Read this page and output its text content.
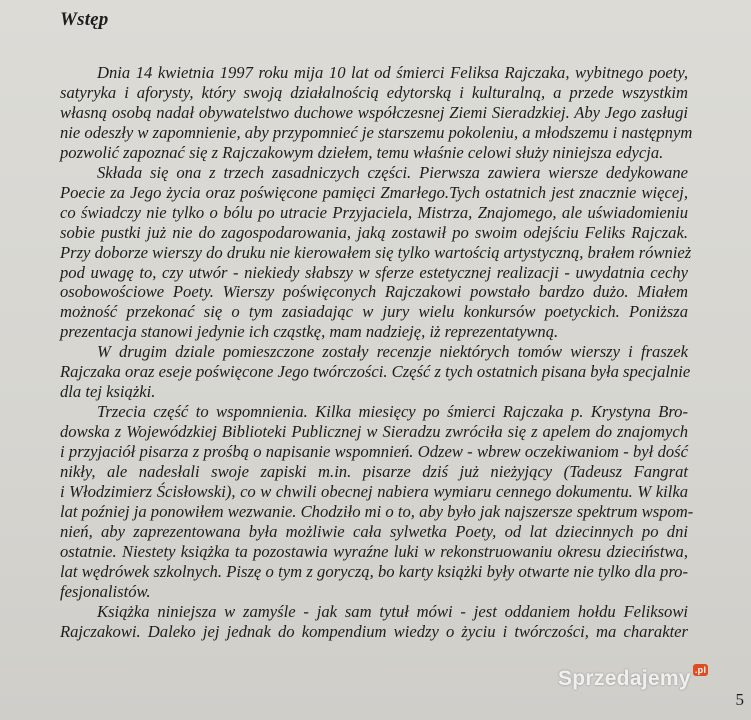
Wstęp

Dnia 14 kwietnia 1997 roku mija 10 lat od śmierci Feliksa Rajczaka, wybitnego poety,

satyryka i aforysty, który swoją działalnością edytorską i kulturalną, a przede wszystkim

własną osobą nadał obywatelstwo duchowe współczesnej Ziemi Sieradzkiej. Aby Jego zasługi

nie odeszły w zapomnienie, aby przypomnieć je starszemu pokoleniu, a młodszemu i następnym

pozwolić zapoznać się z Rajczakowym dziełem, temu właśnie celowi służy niniejsza edycja.

Składa się ona z trzech zasadniczych części. Pierwsza zawiera wiersze dedykowane

Poecie za Jego życia oraz poświęcone pamięci Zmarłego.Tych ostatnich jest znacznie więcej,

co świadczy nie tylko o bólu po utracie Przyjaciela, Mistrza, Znajomego, ale uświadomieniu

sobie pustki już nie do zagospodarowania, jaką zostawił po swoim odejściu Feliks Rajczak.

Przy doborze wierszy do druku nie kierowałem się tylko wartością artystyczną, brałem również

pod uwagę to, czy utwór - niekiedy słabszy w sferze estetycznej realizacji - uwydatnia cechy

osobowościowe Poety. Wierszy poświęconych Rajczakowi powstało bardzo dużo. Miałem

możność przekonać się o tym zasiadając w jury wielu konkursów poetyckich. Poniższa

prezentacja stanowi jedynie ich cząstkę, mam nadzieję, iż reprezentatywną.

W drugim dziale pomieszczone zostały recenzje niektórych tomów wierszy i fraszek

Rajczaka oraz eseje poświęcone Jego twórczości. Część z tych ostatnich pisana była specjalnie

dla tej książki.

Trzecia część to wspomnienia. Kilka miesięcy po śmierci Rajczaka p. Krystyna Bro-

dowska z Wojewódzkiej Biblioteki Publicznej w Sieradzu zwróciła się z apelem do znajomych

i przyjaciół pisarza z prośbą o napisanie wspomnień. Odzew - wbrew oczekiwaniom - był dość

nikły, ale nadesłali swoje zapiski m.in. pisarze dziś już nieżyjący (Tadeusz Fangrat

i Włodzimierz Ścisłowski), co w chwili obecnej nabiera wymiaru cennego dokumentu. W kilka

lat poźniej ja ponowiłem wezwanie. Chodziło mi o to, aby było jak najszersze spektrum wspom-

nień, aby zaprezentowana była możliwie cała sylwetka Poety, od lat dziecinnych po dni

ostatnie. Niestety książka ta pozostawia wyraźne luki w rekonstruowaniu okresu dzieciństwa,

lat wędrówek szkolnych. Piszę o tym z goryczą, bo karty książki były otwarte nie tylko dla pro-

fesjonalistów.

Książka niniejsza w zamyśle - jak sam tytuł mówi - jest oddaniem hołdu Feliksowi

Rajczakowi. Daleko jej jednak do kompendium wiedzy o życiu i twórczości, ma charakter

Sprzedajemy .pl
5
